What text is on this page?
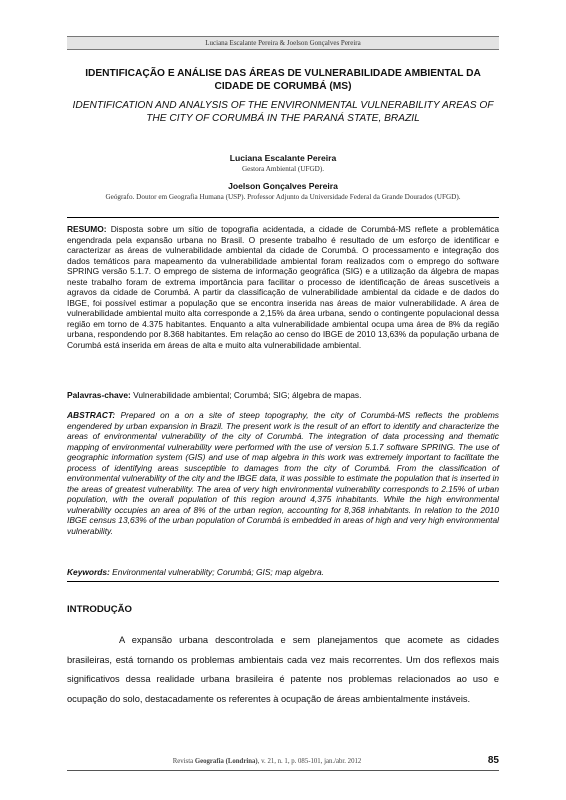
Luciana Escalante Pereira & Joelson Gonçalves Pereira
IDENTIFICAÇÃO E ANÁLISE DAS ÁREAS DE VULNERABILIDADE AMBIENTAL DA CIDADE DE CORUMBÁ (MS)
IDENTIFICATION AND ANALYSIS OF THE ENVIRONMENTAL VULNERABILITY AREAS OF THE CITY OF CORUMBÁ IN THE PARANÁ STATE, BRAZIL
Luciana Escalante Pereira
Gestora Ambiental (UFGD).
Joelson Gonçalves Pereira
Geógrafo. Doutor em Geografia Humana (USP). Professor Adjunto da Universidade Federal da Grande Dourados (UFGD).

RESUMO: Disposta sobre um sítio de topografia acidentada, a cidade de Corumbá-MS reflete a problemática engendrada pela expansão urbana no Brasil. O presente trabalho é resultado de um esforço de identificar e caracterizar as áreas de vulnerabilidade ambiental da cidade de Corumbá. O processamento e integração dos dados temáticos para mapeamento da vulnerabilidade ambiental foram realizados com o emprego do software SPRING versão 5.1.7. O emprego de sistema de informação geográfica (SIG) e a utilização da álgebra de mapas neste trabalho foram de extrema importância para facilitar o processo de identificação de áreas suscetíveis a agravos da cidade de Corumbá. A partir da classificação de vulnerabilidade ambiental da cidade e de dados do IBGE, foi possível estimar a população que se encontra inserida nas áreas de maior vulnerabilidade. A área de vulnerabilidade ambiental muito alta corresponde a 2,15% da área urbana, sendo o contingente populacional dessa região em torno de 4.375 habitantes. Enquanto a alta vulnerabilidade ambiental ocupa uma área de 8% da região urbana, respondendo por 8.368 habitantes. Em relação ao censo do IBGE de 2010 13,63% da população urbana de Corumbá está inserida em áreas de alta e muito alta vulnerabilidade ambiental.

Palavras-chave: Vulnerabilidade ambiental; Corumbá; SIG; álgebra de mapas.

ABSTRACT: Prepared on a on a site of steep topography, the city of Corumbá-MS reflects the problems engendered by urban expansion in Brazil. The present work is the result of an effort to identify and characterize the areas of environmental vulnerability of the city of Corumbá. The integration of data processing and thematic mapping of environmental vulnerability were performed with the use of version 5.1.7 software SPRING. The use of geographic information system (GIS) and use of map algebra in this work was extremely important to facilitate the process of identifying areas susceptible to damages from the city of Corumbá. From the classification of environmental vulnerability of the city and the IBGE data, it was possible to estimate the population that is inserted in the areas of greatest vulnerability. The area of very high environmental vulnerability corresponds to 2.15% of urban population, with the overall population of this region around 4,375 inhabitants. While the high environmental vulnerability occupies an area of 8% of the urban region, accounting for 8,368 inhabitants. In relation to the 2010 IBGE census 13,63% of the urban population of Corumbá is embedded in areas of high and very high environmental vulnerability.

Keywords: Environmental vulnerability; Corumbá; GIS; map algebra.

INTRODUÇÃO

A expansão urbana descontrolada e sem planejamentos que acomete as cidades brasileiras, está tornando os problemas ambientais cada vez mais recorrentes. Um dos reflexos mais significativos dessa realidade urbana brasileira é patente nos problemas relacionados ao uso e ocupação do solo, destacadamente os referentes à ocupação de áreas ambientalmente instáveis.

Revista Geografia (Londrina), v. 21, n. 1, p. 085-101, jan./abr. 2012	85
